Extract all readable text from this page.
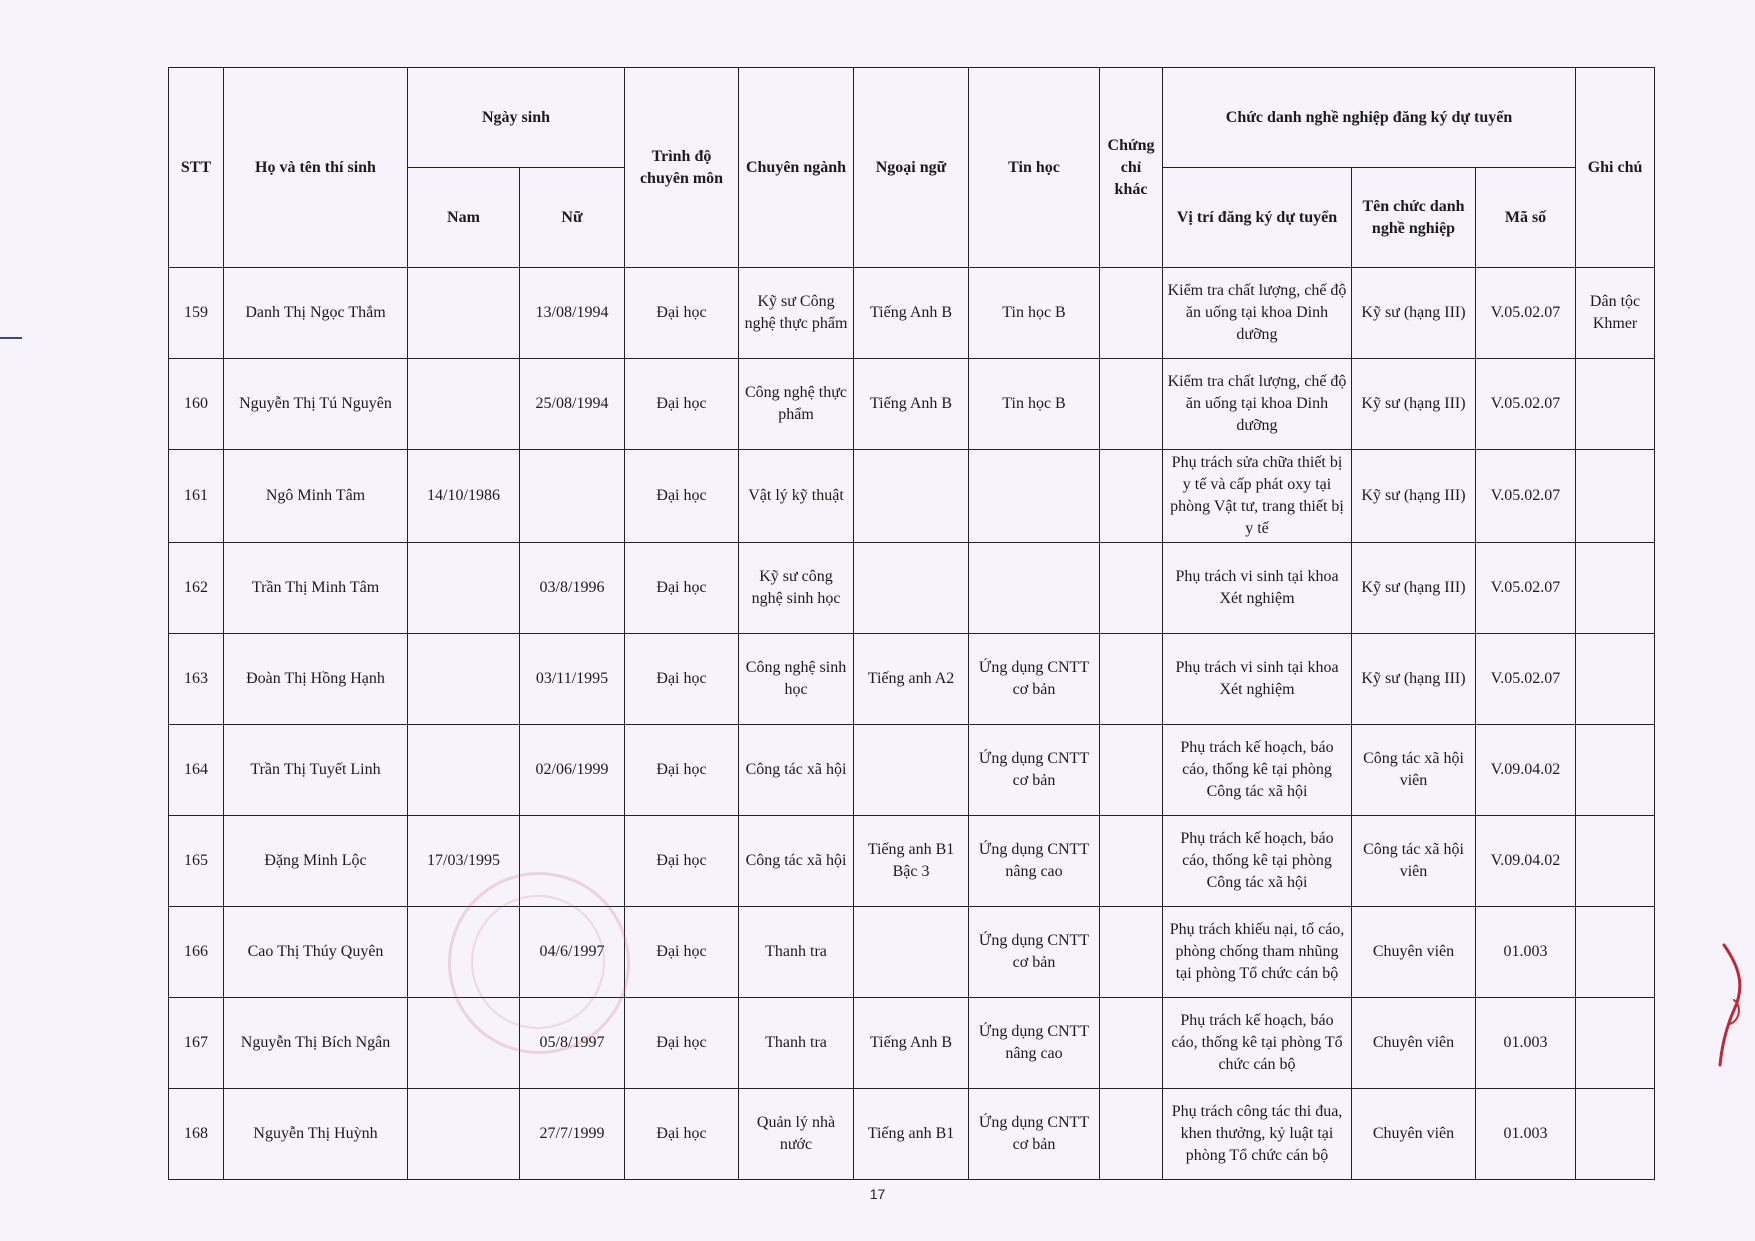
STT	Họ và tên thí sinh	Ngày sinh		Trình độ chuyên môn	Chuyên ngành	Ngoại ngữ	Tin học	Chứng chỉ khác	Chức danh nghề nghiệp đăng ký dự tuyển			Ghi chú
		Nam	Nữ						Vị trí đăng ký dự tuyển	Tên chức danh nghề nghiệp	Mã số	
159	Danh Thị Ngọc Thắm		13/08/1994	Đại học	Kỹ sư Công nghệ thực phẩm	Tiếng Anh B	Tin học B		Kiểm tra chất lượng, chế độ ăn uống tại khoa Dinh dưỡng	Kỹ sư (hạng III)	V.05.02.07	Dân tộc Khmer
160	Nguyễn Thị Tú Nguyên		25/08/1994	Đại học	Công nghệ thực phẩm	Tiếng Anh B	Tin học B		Kiểm tra chất lượng, chế độ ăn uống tại khoa Dinh dưỡng	Kỹ sư (hạng III)	V.05.02.07	
161	Ngô Minh Tâm	14/10/1986		Đại học	Vật lý kỹ thuật				Phụ trách sửa chữa thiết bị y tế và cấp phát oxy tại phòng Vật tư, trang thiết bị y tế	Kỹ sư (hạng III)	V.05.02.07	
162	Trần Thị Minh Tâm		03/8/1996	Đại học	Kỹ sư công nghệ sinh học				Phụ trách vi sinh tại khoa Xét nghiệm	Kỹ sư (hạng III)	V.05.02.07	
163	Đoàn Thị Hồng Hạnh		03/11/1995	Đại học	Công nghệ sinh học	Tiếng anh A2	Ứng dụng CNTT cơ bản		Phụ trách vi sinh tại khoa Xét nghiệm	Kỹ sư (hạng III)	V.05.02.07	
164	Trần Thị Tuyết Linh		02/06/1999	Đại học	Công tác xã hội		Ứng dụng CNTT cơ bản		Phụ trách kế hoạch, báo cáo, thống kê tại phòng Công tác xã hội	Công tác xã hội viên	V.09.04.02	
165	Đặng Minh Lộc	17/03/1995		Đại học	Công tác xã hội	Tiếng anh B1 Bậc 3	Ứng dụng CNTT nâng cao		Phụ trách kế hoạch, báo cáo, thống kê tại phòng Công tác xã hội	Công tác xã hội viên	V.09.04.02	
166	Cao Thị Thúy Quyên		04/6/1997	Đại học	Thanh tra		Ứng dụng CNTT cơ bản		Phụ trách khiếu nại, tố cáo, phòng chống tham nhũng tại phòng Tổ chức cán bộ	Chuyên viên	01.003	
167	Nguyễn Thị Bích Ngân		05/8/1997	Đại học	Thanh tra	Tiếng Anh B	Ứng dụng CNTT nâng cao		Phụ trách kế hoạch, báo cáo, thống kê tại phòng Tổ chức cán bộ	Chuyên viên	01.003	
168	Nguyễn Thị Huỳnh		27/7/1999	Đại học	Quản lý nhà nước	Tiếng anh B1	Ứng dụng CNTT cơ bản		Phụ trách công tác thi đua, khen thưởng, kỷ luật tại phòng Tổ chức cán bộ	Chuyên viên	01.003	
17
